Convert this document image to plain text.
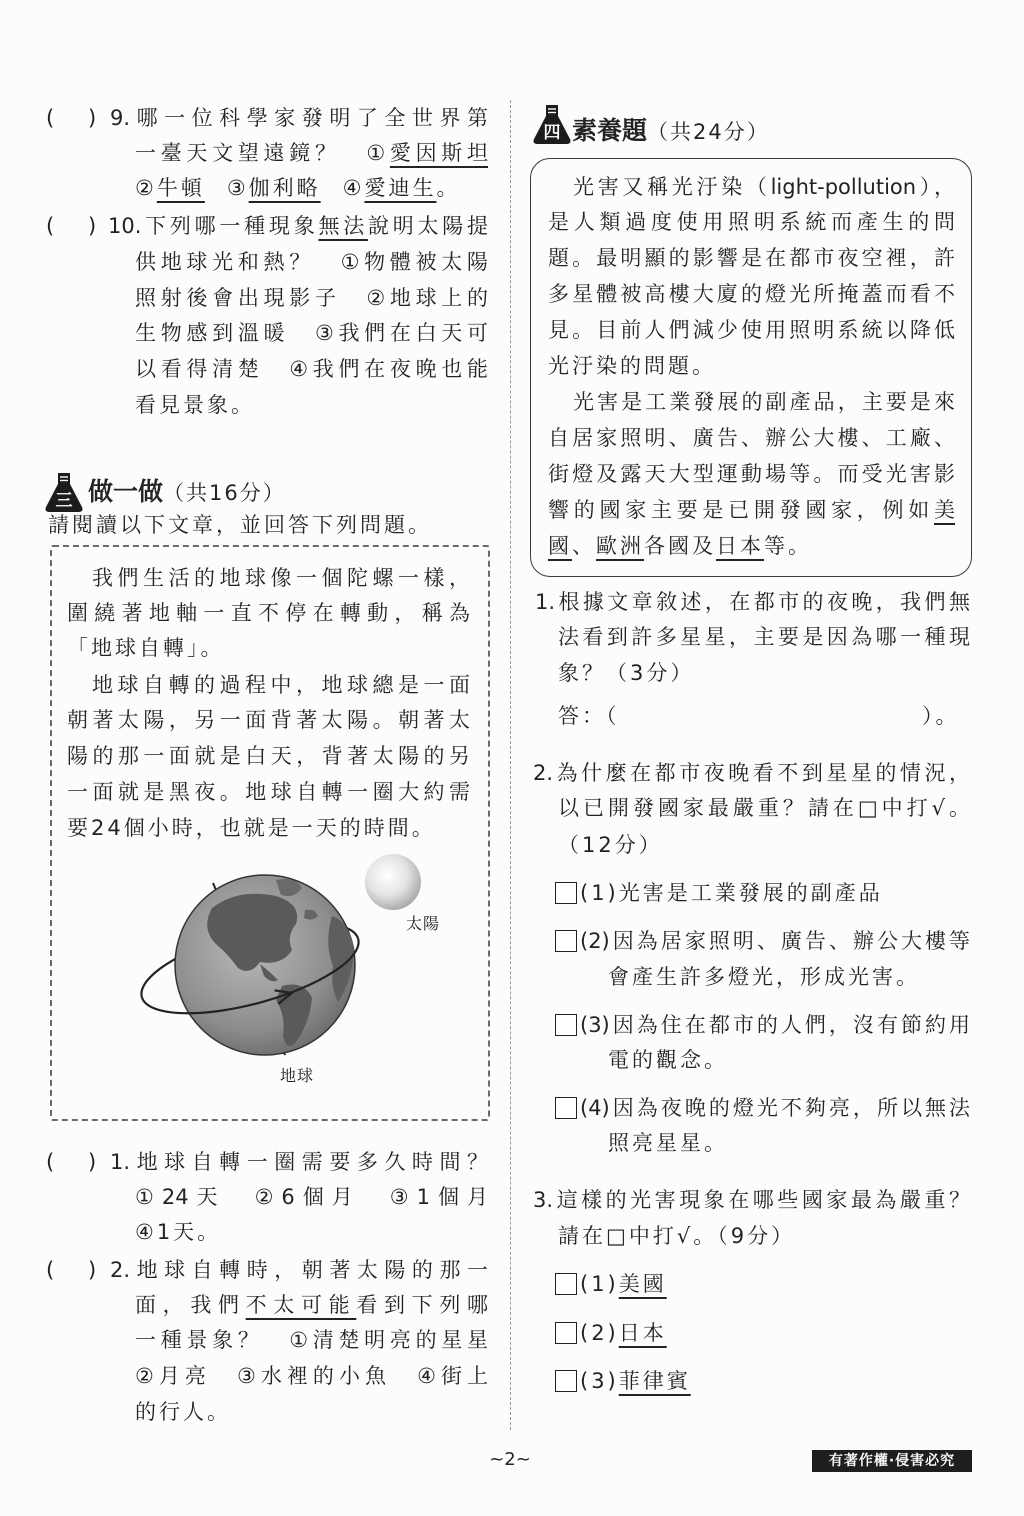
( ) 9.哪一位科學家發明了全世界第
一臺天文望遠鏡？　①愛因斯坦
②牛頓 ③伽利略 ④愛迪生。
( ) 10.下列哪一種現象無法說明太陽提
供地球光和熱？　①物體被太陽
照射後會出現影子　②地球上的
生物感到溫暖　③我們在白天可
以看得清楚　④我們在夜晚也能
看見景象。
三 做一做（共16分）
請閱讀以下文章，並回答下列問題。
我們生活的地球像一個陀螺一樣，
圍繞著地軸一直不停在轉動，稱為
「地球自轉」。
地球自轉的過程中，地球總是一面
朝著太陽，另一面背著太陽。朝著太
陽的那一面就是白天，背著太陽的另
一面就是黑夜。地球自轉一圈大約需
要24個小時，也就是一天的時間。
太陽
地球
( ) 1.地球自轉一圈需要多久時間？
①24天　②6個月　③1個月
④1天。
( ) 2.地球自轉時，朝著太陽的那一
面，我們不太可能看到下列哪
一種景象？　①清楚明亮的星星
②月亮　③水裡的小魚　④街上
的行人。
四 素養題（共24分）
光害又稱光汙染（light-pollution），
是人類過度使用照明系統而產生的問
題。最明顯的影響是在都市夜空裡，許
多星體被高樓大廈的燈光所掩蓋而看不
見。目前人們減少使用照明系統以降低
光汙染的問題。
光害是工業發展的副產品，主要是來
自居家照明、廣告、辦公大樓、工廠、
街燈及露天大型運動場等。而受光害影
響的國家主要是已開發國家，例如美
國、歐洲各國及日本等。
1.根據文章敘述，在都市的夜晚，我們無
法看到許多星星，主要是因為哪一種現
象？（3分）
答：（	）。
2.為什麼在都市夜晚看不到星星的情況，
以已開發國家最嚴重？請在□中打√。
（12分）
(1)光害是工業發展的副產品
(2)因為居家照明、廣告、辦公大樓等
會產生許多燈光，形成光害。
(3)因為住在都市的人們，沒有節約用
電的觀念。
(4)因為夜晚的燈光不夠亮，所以無法
照亮星星。
3.這樣的光害現象在哪些國家最為嚴重？
請在□中打√。（9分）
(1)美國
(2)日本
(3)菲律賓
~2~	有著作權·侵害必究
